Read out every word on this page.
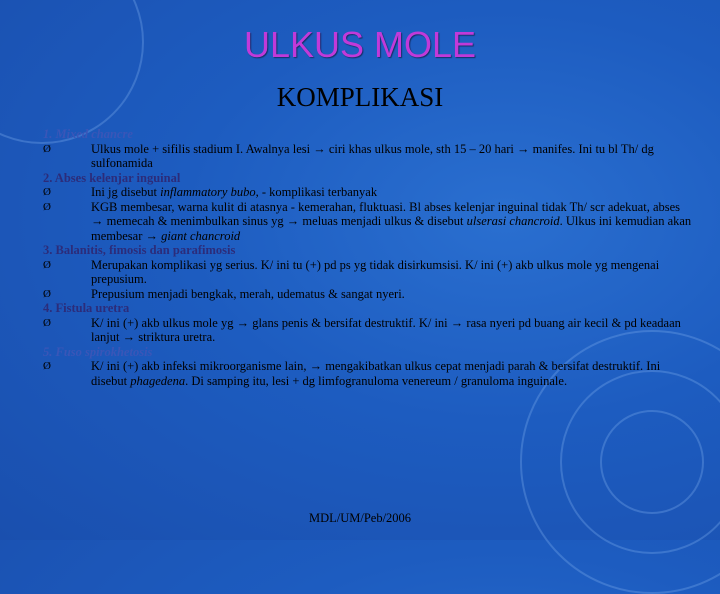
ULKUS MOLE
KOMPLIKASI
1. Mixed chancre
Ø	Ulkus mole + sifilis stadium I. Awalnya lesi → ciri khas ulkus mole, sth 15 – 20 hari → manifes. Ini tu bl Th/ dg sulfonamida
2. Abses kelenjar inguinal
Ø	Ini jg disebut inflammatory bubo, - komplikasi terbanyak
Ø	KGB membesar, warna kulit di atasnya - kemerahan, fluktuasi. Bl abses kelenjar inguinal tidak Th/ scr adekuat, abses → memecah & menimbulkan sinus yg → meluas menjadi ulkus & disebut ulserasi chancroid. Ulkus ini kemudian akan membesar → giant chancroid
3. Balanitis, fimosis dan parafimosis
Ø	Merupakan komplikasi yg serius. K/ ini tu (+) pd ps yg tidak disirkumsisi. K/ ini (+) akb ulkus mole yg mengenai prepusium.
Ø	Prepusium menjadi bengkak, merah, udematus & sangat nyeri.
4. Fistula uretra
Ø	K/ ini (+) akb ulkus mole yg → glans penis & bersifat destruktif. K/ ini → rasa nyeri pd buang air kecil & pd keadaan lanjut → striktura uretra.
5. Fuso spirokhetosis
Ø	K/ ini (+) akb infeksi mikroorganisme lain, → mengakibatkan ulkus cepat menjadi parah & bersifat destruktif. Ini disebut phagedena. Di samping itu, lesi + dg limfogranuloma venereum / granuloma inguinale.
MDL/UM/Peb/2006
